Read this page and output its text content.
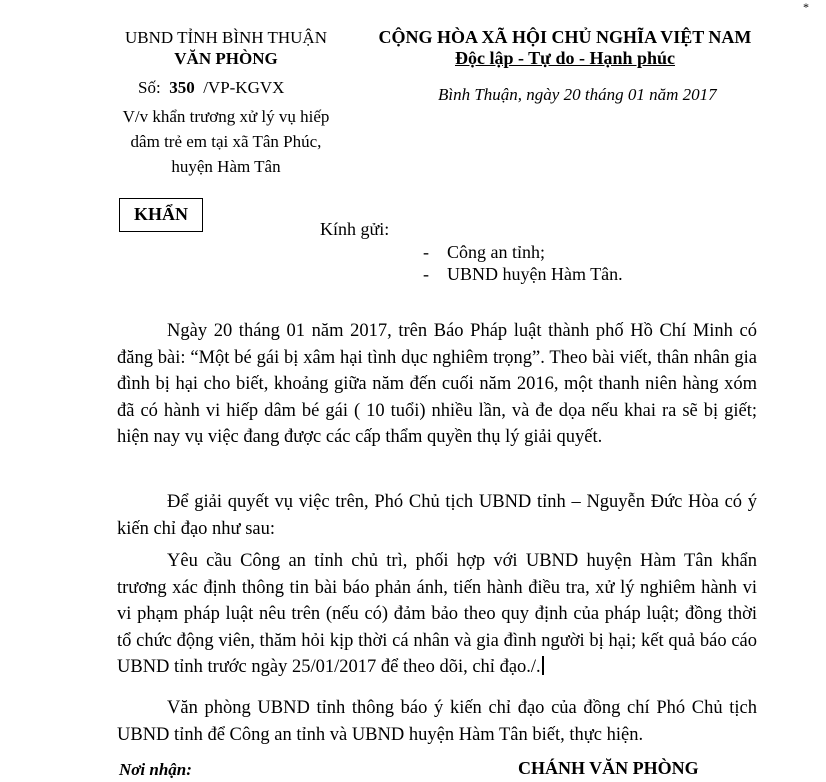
*
UBND TỈNH BÌNH THUẬN
VĂN PHÒNG
Số: 350 /VP-KGVX
V/v khẩn trương xử lý vụ hiếp
dâm trẻ em tại xã Tân Phúc,
huyện Hàm Tân
CỘNG HÒA XÃ HỘI CHỦ NGHĨA VIỆT NAM
Độc lập - Tự do - Hạnh phúc
Bình Thuận, ngày 20 tháng 01 năm 2017
KHẨN
Kính gửi:
- Công an tỉnh;
- UBND huyện Hàm Tân.
Ngày 20 tháng 01 năm 2017, trên Báo Pháp luật thành phố Hồ Chí Minh có đăng bài: “Một bé gái bị xâm hại tình dục nghiêm trọng”. Theo bài viết, thân nhân gia đình bị hại cho biết, khoảng giữa năm đến cuối năm 2016, một thanh niên hàng xóm đã có hành vi hiếp dâm bé gái ( 10 tuổi) nhiều lần, và đe dọa nếu khai ra sẽ bị giết; hiện nay vụ việc đang được các cấp thẩm quyền thụ lý giải quyết.
Để giải quyết vụ việc trên, Phó Chủ tịch UBND tỉnh – Nguyễn Đức Hòa có ý kiến chỉ đạo như sau:
Yêu cầu Công an tỉnh chủ trì, phối hợp với UBND huyện Hàm Tân khẩn trương xác định thông tin bài báo phản ánh, tiến hành điều tra, xử lý nghiêm hành vi vi phạm pháp luật nêu trên (nếu có) đảm bảo theo quy định của pháp luật; đồng thời tổ chức động viên, thăm hỏi kịp thời cá nhân và gia đình người bị hại; kết quả báo cáo UBND tỉnh trước ngày 25/01/2017 để theo dõi, chỉ đạo./.
Văn phòng UBND tỉnh thông báo ý kiến chỉ đạo của đồng chí Phó Chủ tịch UBND tỉnh để Công an tỉnh và UBND huyện Hàm Tân biết, thực hiện.
Nơi nhận:	CHÁNH VĂN PHÒNG
